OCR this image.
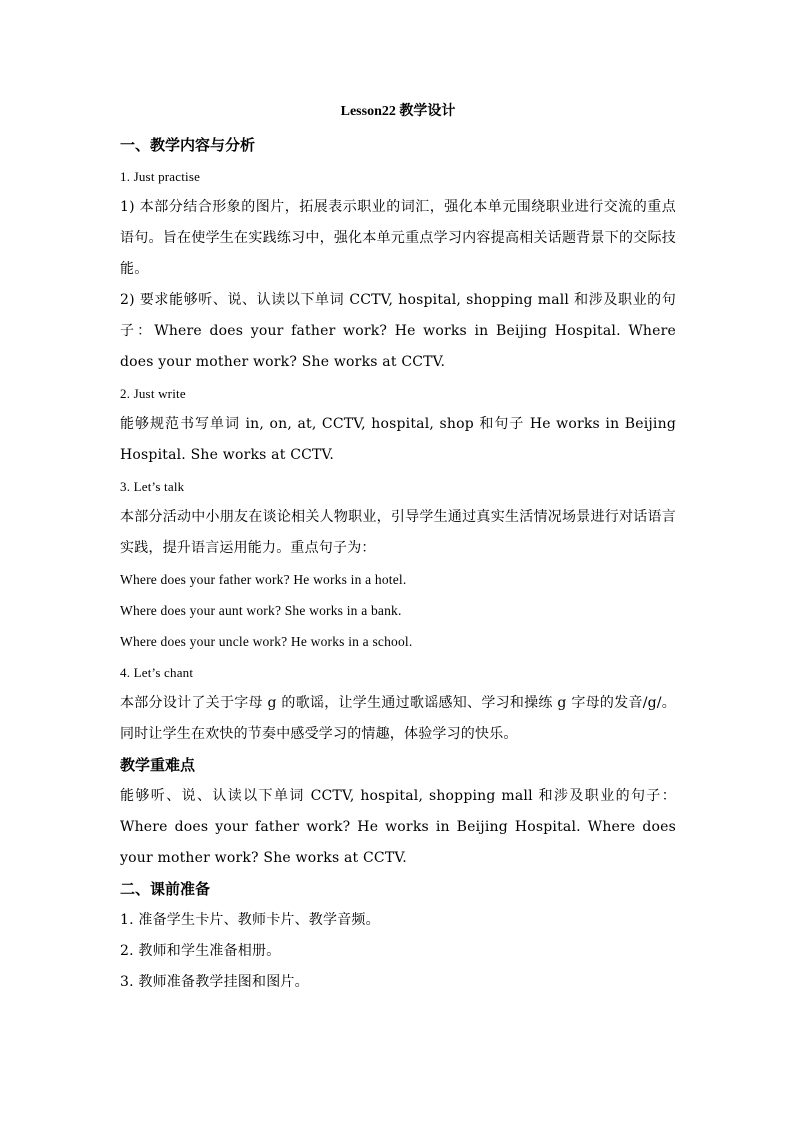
Lesson22 教学设计
一、教学内容与分析
1. Just practise
1) 本部分结合形象的图片，拓展表示职业的词汇，强化本单元围绕职业进行交流的重点语句。旨在使学生在实践练习中，强化本单元重点学习内容提高相关话题背景下的交际技能。
2) 要求能够听、说、认读以下单词 CCTV, hospital, shopping mall 和涉及职业的句子：Where does your father work? He works in Beijing Hospital. Where does your mother work? She works at CCTV.
2. Just write
能够规范书写单词 in, on, at, CCTV, hospital, shop 和句子 He works in Beijing Hospital. She works at CCTV.
3. Let’s talk
本部分活动中小朋友在谈论相关人物职业，引导学生通过真实生活情况场景进行对话语言实践，提升语言运用能力。重点句子为：
Where does your father work? He works in a hotel.
Where does your aunt work? She works in a bank.
Where does your uncle work? He works in a school.
4. Let’s chant
本部分设计了关于字母 g 的歌谣，让学生通过歌谣感知、学习和操练 g 字母的发音/g/。同时让学生在欢快的节奏中感受学习的情趣，体验学习的快乐。
教学重难点
能够听、说、认读以下单词 CCTV, hospital, shopping mall 和涉及职业的句子：Where does your father work? He works in Beijing Hospital. Where does your mother work? She works at CCTV.
二、课前准备
1. 准备学生卡片、教师卡片、教学音频。
2. 教师和学生准备相册。
3. 教师准备教学挂图和图片。
